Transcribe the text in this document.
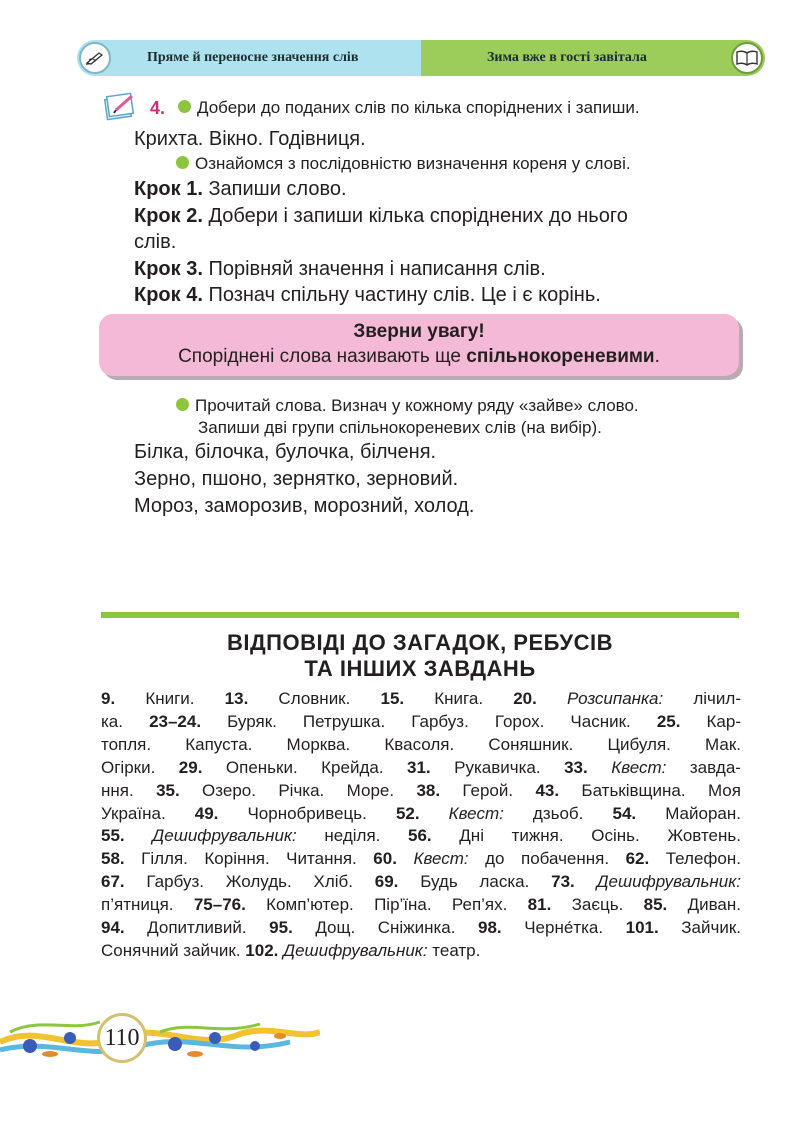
Пряме й переносне значення слів	Зима вже в гості завітала
4.	Добери до поданих слів по кілька споріднених і запиши.
Крихта. Вікно. Годівниця.
Ознайомся з послідовністю визначення кореня у слові.
Крок 1. Запиши слово.
Крок 2. Добери і запиши кілька споріднених до нього
слів.
Крок 3. Порівняй значення і написання слів.
Крок 4. Познач спільну частину слів. Це і є корінь.
Зверни увагу!
Споріднені слова називають ще спільнокореневими.
Прочитай слова. Визнач у кожному ряду «зайве» слово.
Запиши дві групи спільнокореневих слів (на вибір).
Білка, білочка, булочка, білченя.
Зерно, пшоно, зернятко, зерновий.
Мороз, заморозив, морозний, холод.
ВІДПОВІДІ ДО ЗАГАДОК, РЕБУСІВ
ТА ІНШИХ ЗАВДАНЬ
9. Книги. 13. Словник. 15. Книга. 20. Розсипанка: лічил-
ка. 23–24. Буряк. Петрушка. Гарбуз. Горох. Часник. 25. Кар-
топля. Капуста. Морква. Квасоля. Соняшник. Цибуля. Мак.
Огірки. 29. Опеньки. Крейда. 31. Рукавичка. 33. Квест: завда-
ння. 35. Озеро. Річка. Море. 38. Герой. 43. Батьківщина. Моя
Україна. 49. Чорнобривець. 52. Квест: дзьоб. 54. Майоран.
55. Дешифрувальник: неділя. 56. Дні тижня. Осінь. Жовтень.
58. Гілля. Коріння. Читання. 60. Квест: до побачення. 62. Телефон.
67. Гарбуз. Жолудь. Хліб. 69. Будь ласка. 73. Дешифрувальник:
п’ятниця. 75–76. Комп’ютер. Пір’їна. Реп’ях. 81. Заєць. 85. Диван.
94. Допитливий. 95. Дощ. Сніжинка. 98. Черне́тка. 101. Зайчик.
Сонячний зайчик. 102. Дешифрувальник: театр.
110
